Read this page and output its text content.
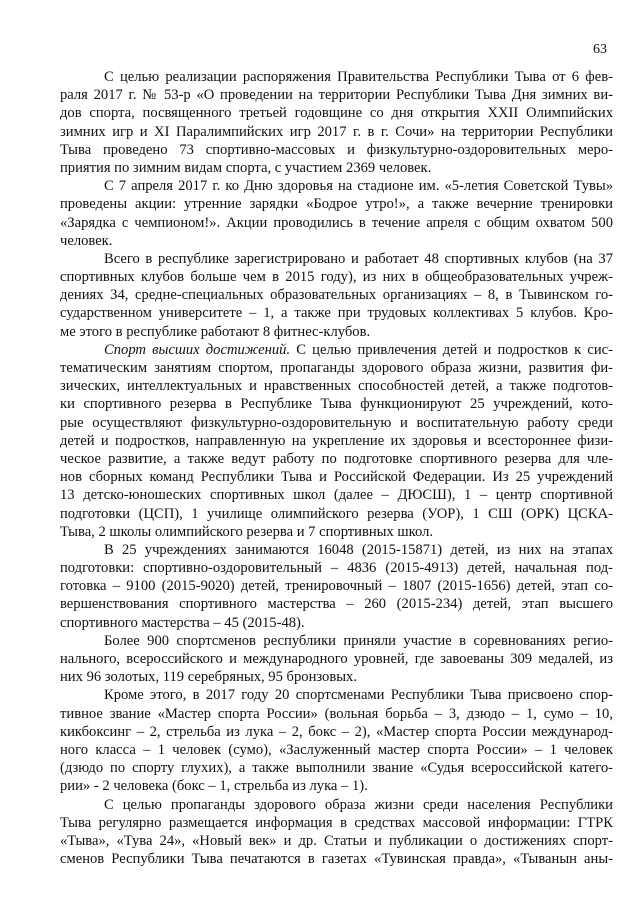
63
С целью реализации распоряжения Правительства Республики Тыва от 6 фев-
раля 2017 г. № 53-р «О проведении на территории Республики Тыва Дня зимних ви-
дов спорта, посвященного третьей годовщине со дня открытия XXII Олимпийских
зимних игр и XI Паралимпийских игр 2017 г. в г. Сочи» на территории Республики
Тыва проведено 73 спортивно-массовых и физкультурно-оздоровительных меро-
приятия по зимним видам спорта, с участием 2369 человек.
С 7 апреля 2017 г. ко Дню здоровья на стадионе им. «5-летия Советской Тувы»
проведены акции: утренние зарядки «Бодрое утро!», а также вечерние тренировки
«Зарядка с чемпионом!». Акции проводились в течение апреля с общим охватом 500
человек.
Всего в республике зарегистрировано и работает 48 спортивных клубов (на 37
спортивных клубов больше чем в 2015 году), из них в общеобразовательных учреж-
дениях 34, средне-специальных образовательных организациях – 8, в Тывинском го-
сударственном университете – 1, а также при трудовых коллективах 5 клубов. Кро-
ме этого в республике работают 8 фитнес-клубов.
Спорт высших достижений. С целью привлечения детей и подростков к сис-
тематическим занятиям спортом, пропаганды здорового образа жизни, развития фи-
зических, интеллектуальных и нравственных способностей детей, а также подготов-
ки спортивного резерва в Республике Тыва функционируют 25 учреждений, кото-
рые осуществляют физкультурно-оздоровительную и воспитательную работу среди
детей и подростков, направленную на укрепление их здоровья и всестороннее физи-
ческое развитие, а также ведут работу по подготовке спортивного резерва для чле-
нов сборных команд Республики Тыва и Российской Федерации. Из 25 учреждений
13 детско-юношеских спортивных школ (далее – ДЮСШ), 1 – центр спортивной
подготовки (ЦСП), 1 училище олимпийского резерва (УОР), 1 СШ (ОРК) ЦСКА-
Тыва, 2 школы олимпийского резерва и 7 спортивных школ.
В 25 учреждениях занимаются 16048 (2015-15871) детей, из них на этапах
подготовки: спортивно-оздоровительный – 4836 (2015-4913) детей, начальная под-
готовка – 9100 (2015-9020) детей, тренировочный – 1807 (2015-1656) детей, этап со-
вершенствования спортивного мастерства – 260 (2015-234) детей, этап высшего
спортивного мастерства – 45 (2015-48).
Более 900 спортсменов республики приняли участие в соревнованиях регио-
нального, всероссийского и международного уровней, где завоеваны 309 медалей, из
них 96 золотых, 119 серебряных, 95 бронзовых.
Кроме этого, в 2017 году 20 спортсменами Республики Тыва присвоено спор-
тивное звание «Мастер спорта России» (вольная борьба – 3, дзюдо – 1, сумо – 10,
кикбоксинг – 2, стрельба из лука – 2, бокс – 2), «Мастер спорта России международ-
ного класса – 1 человек (сумо), «Заслуженный мастер спорта России» – 1 человек
(дзюдо по спорту глухих), а также выполнили звание «Судья всероссийской катего-
рии» - 2 человека (бокс – 1, стрельба из лука – 1).
С целью пропаганды здорового образа жизни среди населения Республики
Тыва регулярно размещается информация в средствах массовой информации: ГТРК
«Тыва», «Тува 24», «Новый век» и др. Статьи и публикации о достижениях спорт-
сменов Республики Тыва печатаются в газетах «Тувинская правда», «Тыванын аны-
